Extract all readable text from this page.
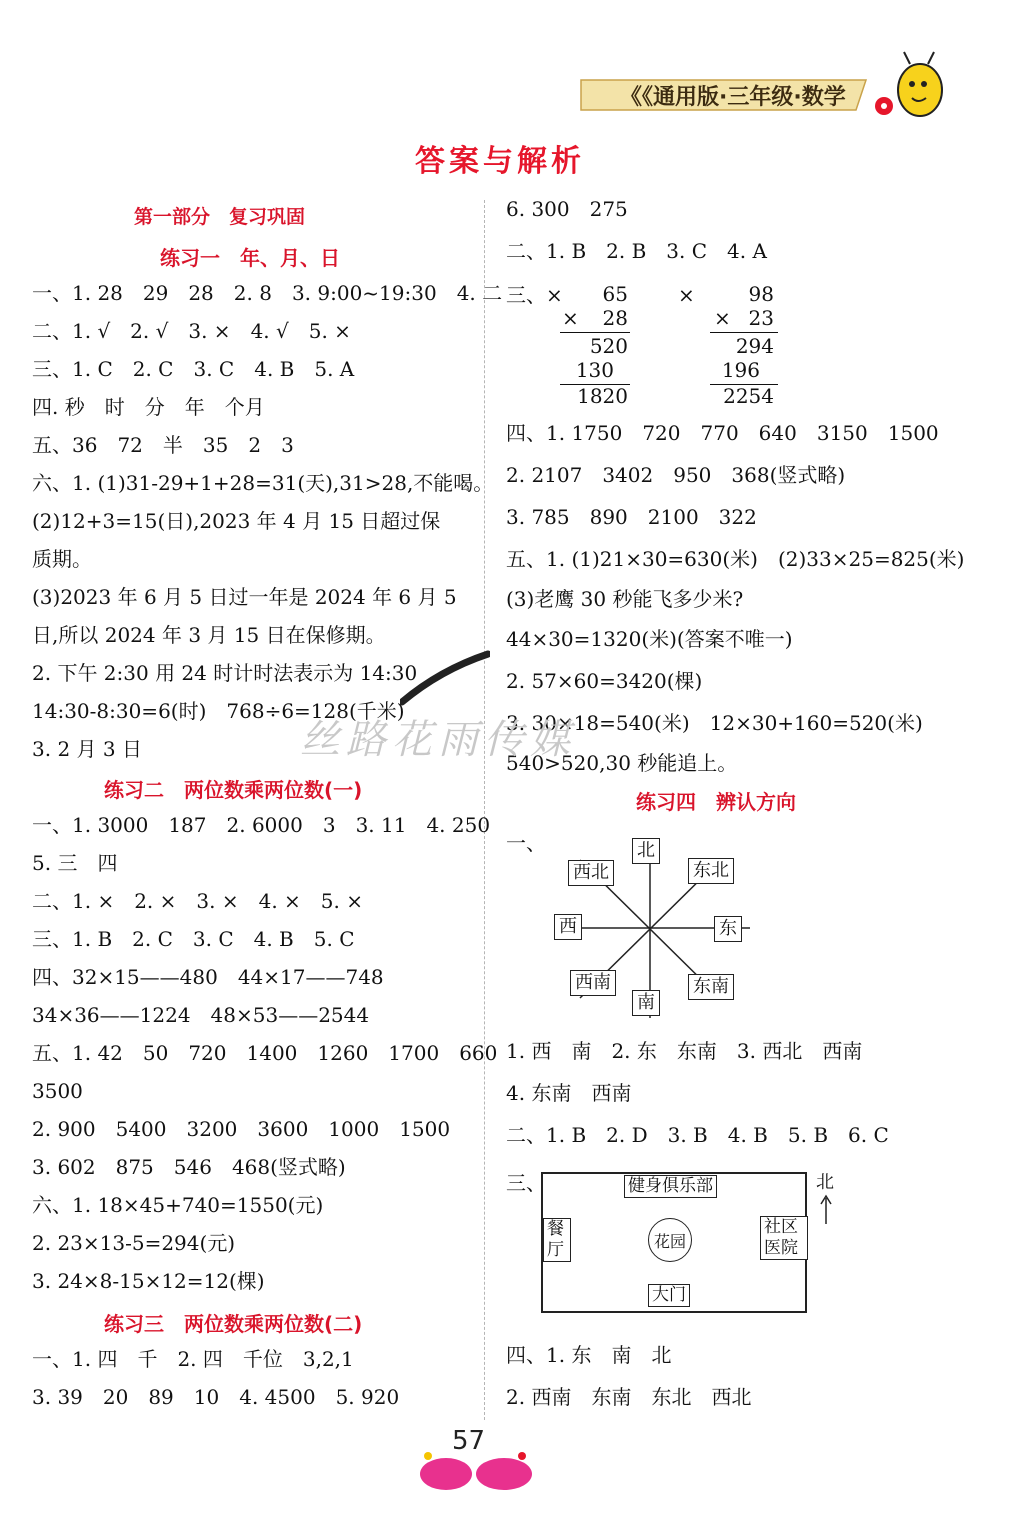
《《通用版·三年级·数学
答案与解析
第一部分　复习巩固
练习一　年、月、日
一、1. 28　29　28　2. 8　3. 9:00~19:30　4. 二
二、1. √　2. √　3. ×　4. √　5. ×
三、1. C　2. C　3. C　4. B　5. A
四. 秒　时　分　年　个月
五、36　72　半　35　2　3
六、1. (1)31-29+1+28=31(天),31>28,不能喝。
(2)12+3=15(日),2023 年 4 月 15 日超过保
质期。
(3)2023 年 6 月 5 日过一年是 2024 年 6 月 5
日,所以 2024 年 3 月 15 日在保修期。
2. 下午 2:30 用 24 时计时法表示为 14:30
14:30-8:30=6(时)　768÷6=128(千米)
3. 2 月 3 日
练习二　两位数乘两位数(一)
一、1. 3000　187　2. 6000　3　3. 11　4. 250
5. 三　四
二、1. ×　2. ×　3. ×　4. ×　5. ×
三、1. B　2. C　3. C　4. B　5. C
四、32×15——480　44×17——748
34×36——1224　48×53——2544
五、1. 42　50　720　1400　1260　1700　660
3500
2. 900　5400　3200　3600　1000　1500
3. 602　875　546　468(竖式略)
六、1. 18×45+740=1550(元)
2. 23×13-5=294(元)
3. 24×8-15×12=12(棵)
练习三　两位数乘两位数(二)
一、1. 四　千　2. 四　千位　3,2,1
3. 39　20　89　10　4. 4500　5. 920
6. 300　275
二、1. B　2. B　3. C　4. A
三、×	65
×	28
520
130
1820
×	98
× 23
294
196
2254
四、1. 1750　720　770　640　3150　1500
2. 2107　3402　950　368(竖式略)
3. 785　890　2100　322
五、1. (1)21×30=630(米)　(2)33×25=825(米)
(3)老鹰 30 秒能飞多少米?
44×30=1320(米)(答案不唯一)
2. 57×60=3420(棵)
3. 30×18=540(米)　12×30+160=520(米)
540>520,30 秒能追上。
练习四　辨认方向
一、	北
西北	东北
西	东
西南	东南
南
1. 西　南　2. 东　东南　3. 西北　西南
4. 东南　西南
二、1. B　2. D　3. B　4. B　5. B　6. C
三、	健身俱乐部
餐厅	花园
社区医院
大门
北
四、1. 东　南　北
2. 西南　东南　东北　西北
丝路花雨传媒
57
